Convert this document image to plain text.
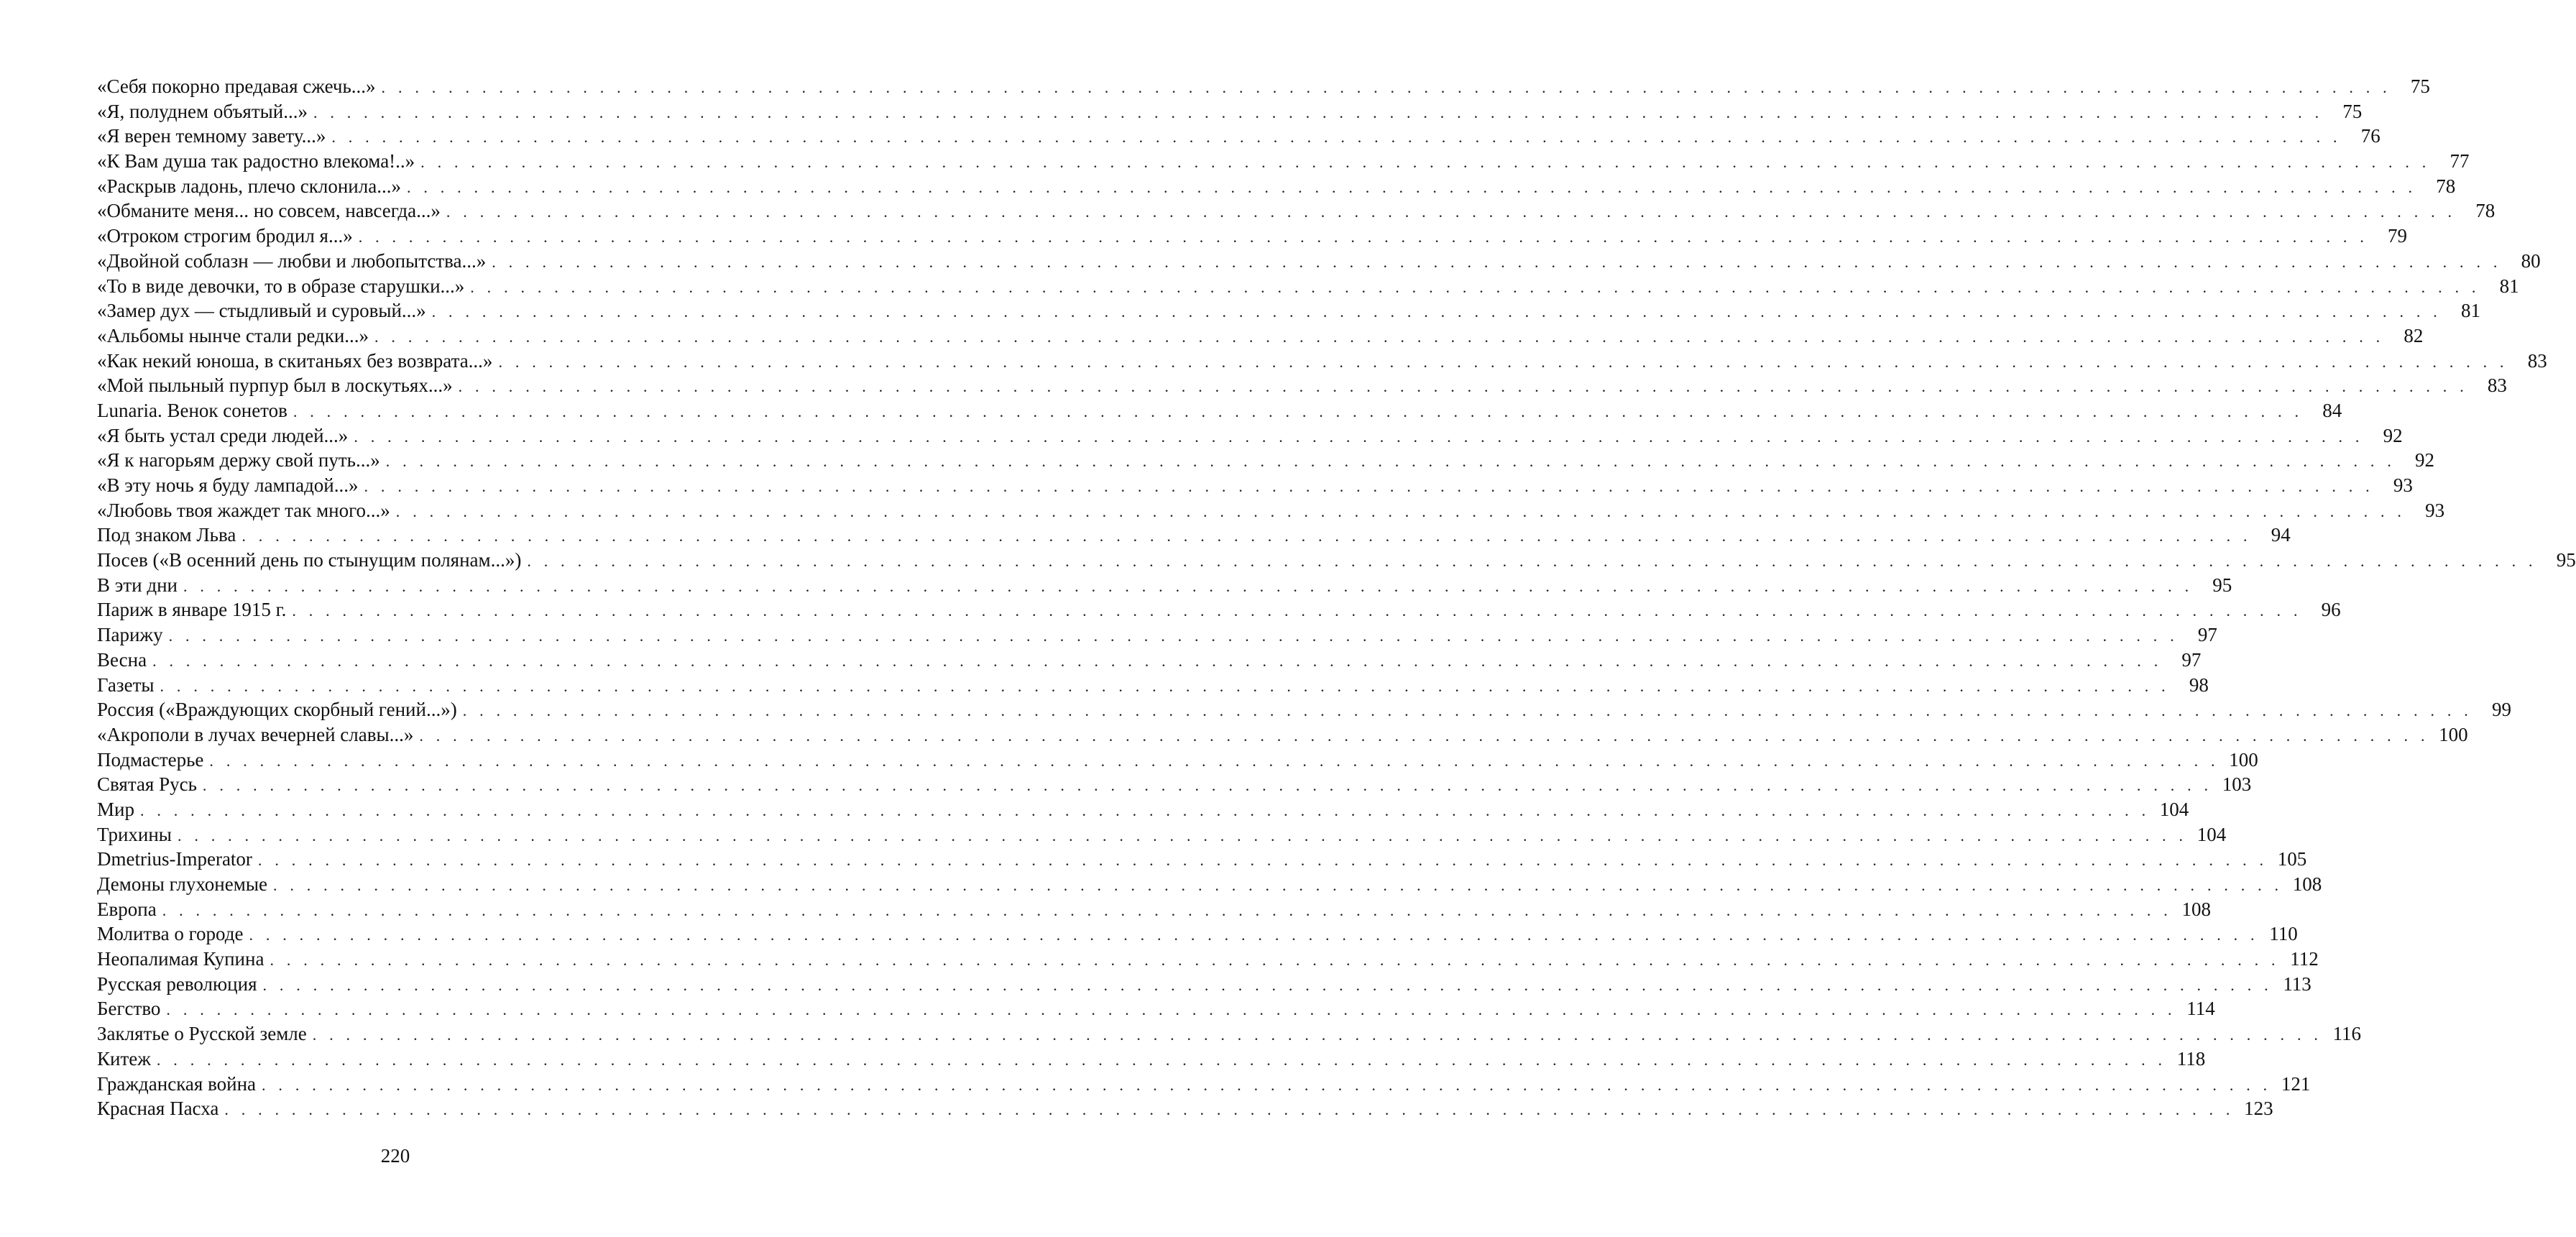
«Себя покорно предавая сжечь...» . . . . . . . . . . . . . . . . . . . . . . . . . . . . . . . . . . . . . . . . . . . . . . . . . . . . . . . . . . . . . . . . . . . . . . . . . . . . . . . . . . . . . . . . . . . . . . . . . . . . . . . . . . . . . . . . . . . . . . . .	75
«Я, полуднем объятый...» . . . . . . . . . . . . . . . . . . . . . . . . . . . . . . . . . . . . . . . . . . . . . . . . . . . . . . . . . . . . . . . . . . . . . . . . . . . . . . . . . . . . . . . . . . . . . . . . . . . . . . . . . . . . . . . . . . . . . . . .	75
«Я верен темному завету...» . . . . . . . . . . . . . . . . . . . . . . . . . . . . . . . . . . . . . . . . . . . . . . . . . . . . . . . . . . . . . . . . . . . . . . . . . . . . . . . . . . . . . . . . . . . . . . . . . . . . . . . . . . . . . . . . . . . . . . . .	76
«К Вам душа так радостно влекома!..» . . . . . . . . . . . . . . . . . . . . . . . . . . . . . . . . . . . . . . . . . . . . . . . . . . . . . . . . . . . . . . . . . . . . . . . . . . . . . . . . . . . . . . . . . . . . . . . . . . . . . . . . . . . . . . . . . . . . . . . .	77
«Раскрыв ладонь, плечо склонила...» . . . . . . . . . . . . . . . . . . . . . . . . . . . . . . . . . . . . . . . . . . . . . . . . . . . . . . . . . . . . . . . . . . . . . . . . . . . . . . . . . . . . . . . . . . . . . . . . . . . . . . . . . . . . . . . . . . . . . . . .	78
«Обманите меня... но совсем, навсегда...» . . . . . . . . . . . . . . . . . . . . . . . . . . . . . . . . . . . . . . . . . . . . . . . . . . . . . . . . . . . . . . . . . . . . . . . . . . . . . . . . . . . . . . . . . . . . . . . . . . . . . . . . . . . . . . . . . . . . . . . .	78
«Отроком строгим бродил я...» . . . . . . . . . . . . . . . . . . . . . . . . . . . . . . . . . . . . . . . . . . . . . . . . . . . . . . . . . . . . . . . . . . . . . . . . . . . . . . . . . . . . . . . . . . . . . . . . . . . . . . . . . . . . . . . . . . . . . . . .	79
«Двойной соблазн — любви и любопытства...» . . . . . . . . . . . . . . . . . . . . . . . . . . . . . . . . . . . . . . . . . . . . . . . . . . . . . . . . . . . . . . . . . . . . . . . . . . . . . . . . . . . . . . . . . . . . . . . . . . . . . . . . . . . . . . . . . . . . . . . .	80
«То в виде девочки, то в образе старушки...» . . . . . . . . . . . . . . . . . . . . . . . . . . . . . . . . . . . . . . . . . . . . . . . . . . . . . . . . . . . . . . . . . . . . . . . . . . . . . . . . . . . . . . . . . . . . . . . . . . . . . . . . . . . . . . . . . . . . . . . .	81
«Замер дух — стыдливый и суровый...» . . . . . . . . . . . . . . . . . . . . . . . . . . . . . . . . . . . . . . . . . . . . . . . . . . . . . . . . . . . . . . . . . . . . . . . . . . . . . . . . . . . . . . . . . . . . . . . . . . . . . . . . . . . . . . . . . . . . . . . .	81
«Альбомы нынче стали редки...» . . . . . . . . . . . . . . . . . . . . . . . . . . . . . . . . . . . . . . . . . . . . . . . . . . . . . . . . . . . . . . . . . . . . . . . . . . . . . . . . . . . . . . . . . . . . . . . . . . . . . . . . . . . . . . . . . . . . . . . .	82
«Как некий юноша, в скитаньях без возврата...» . . . . . . . . . . . . . . . . . . . . . . . . . . . . . . . . . . . . . . . . . . . . . . . . . . . . . . . . . . . . . . . . . . . . . . . . . . . . . . . . . . . . . . . . . . . . . . . . . . . . . . . . . . . . . . . . . . . . . . . .	83
«Мой пыльный пурпур был в лоскутьях...» . . . . . . . . . . . . . . . . . . . . . . . . . . . . . . . . . . . . . . . . . . . . . . . . . . . . . . . . . . . . . . . . . . . . . . . . . . . . . . . . . . . . . . . . . . . . . . . . . . . . . . . . . . . . . . . . . . . . . . . .	83
Lunaria. Венок сонетов . . . . . . . . . . . . . . . . . . . . . . . . . . . . . . . . . . . . . . . . . . . . . . . . . . . . . . . . . . . . . . . . . . . . . . . . . . . . . . . . . . . . . . . . . . . . . . . . . . . . . . . . . . . . . . . . . . . . . . . .	84
«Я быть устал среди людей...» . . . . . . . . . . . . . . . . . . . . . . . . . . . . . . . . . . . . . . . . . . . . . . . . . . . . . . . . . . . . . . . . . . . . . . . . . . . . . . . . . . . . . . . . . . . . . . . . . . . . . . . . . . . . . . . . . . . . . . . .	92
«Я к нагорьям держу свой путь...» . . . . . . . . . . . . . . . . . . . . . . . . . . . . . . . . . . . . . . . . . . . . . . . . . . . . . . . . . . . . . . . . . . . . . . . . . . . . . . . . . . . . . . . . . . . . . . . . . . . . . . . . . . . . . . . . . . . . . . . .	92
«В эту ночь я буду лампадой...» . . . . . . . . . . . . . . . . . . . . . . . . . . . . . . . . . . . . . . . . . . . . . . . . . . . . . . . . . . . . . . . . . . . . . . . . . . . . . . . . . . . . . . . . . . . . . . . . . . . . . . . . . . . . . . . . . . . . . . . .	93
«Любовь твоя жаждет так много...» . . . . . . . . . . . . . . . . . . . . . . . . . . . . . . . . . . . . . . . . . . . . . . . . . . . . . . . . . . . . . . . . . . . . . . . . . . . . . . . . . . . . . . . . . . . . . . . . . . . . . . . . . . . . . . . . . . . . . . . .	93
Под знаком Льва . . . . . . . . . . . . . . . . . . . . . . . . . . . . . . . . . . . . . . . . . . . . . . . . . . . . . . . . . . . . . . . . . . . . . . . . . . . . . . . . . . . . . . . . . . . . . . . . . . . . . . . . . . . . . . . . . . . . . . . .	94
Посев («В осенний день по стынущим полянам...») . . . . . . . . . . . . . . . . . . . . . . . . . . . . . . . . . . . . . . . . . . . . . . . . . . . . . . . . . . . . . . . . . . . . . . . . . . . . . . . . . . . . . . . . . . . . . . . . . . . . . . . . . . . . . . . . . . . . . . . .	95
В эти дни . . . . . . . . . . . . . . . . . . . . . . . . . . . . . . . . . . . . . . . . . . . . . . . . . . . . . . . . . . . . . . . . . . . . . . . . . . . . . . . . . . . . . . . . . . . . . . . . . . . . . . . . . . . . . . . . . . . . . . . .	95
Париж в январе 1915 г. . . . . . . . . . . . . . . . . . . . . . . . . . . . . . . . . . . . . . . . . . . . . . . . . . . . . . . . . . . . . . . . . . . . . . . . . . . . . . . . . . . . . . . . . . . . . . . . . . . . . . . . . . . . . . . . . . . . . . . . .	96
Парижу . . . . . . . . . . . . . . . . . . . . . . . . . . . . . . . . . . . . . . . . . . . . . . . . . . . . . . . . . . . . . . . . . . . . . . . . . . . . . . . . . . . . . . . . . . . . . . . . . . . . . . . . . . . . . . . . . . . . . . . .	97
Весна . . . . . . . . . . . . . . . . . . . . . . . . . . . . . . . . . . . . . . . . . . . . . . . . . . . . . . . . . . . . . . . . . . . . . . . . . . . . . . . . . . . . . . . . . . . . . . . . . . . . . . . . . . . . . . . . . . . . . . . .	97
Газеты . . . . . . . . . . . . . . . . . . . . . . . . . . . . . . . . . . . . . . . . . . . . . . . . . . . . . . . . . . . . . . . . . . . . . . . . . . . . . . . . . . . . . . . . . . . . . . . . . . . . . . . . . . . . . . . . . . . . . . . .	98
Россия («Враждующих скорбный гений...») . . . . . . . . . . . . . . . . . . . . . . . . . . . . . . . . . . . . . . . . . . . . . . . . . . . . . . . . . . . . . . . . . . . . . . . . . . . . . . . . . . . . . . . . . . . . . . . . . . . . . . . . . . . . . . . . . . . . . . . .	99
«Акрополи в лучах вечерней славы...» . . . . . . . . . . . . . . . . . . . . . . . . . . . . . . . . . . . . . . . . . . . . . . . . . . . . . . . . . . . . . . . . . . . . . . . . . . . . . . . . . . . . . . . . . . . . . . . . . . . . . . . . . . . . . . . . . . . . . . . . 100
Подмастерье . . . . . . . . . . . . . . . . . . . . . . . . . . . . . . . . . . . . . . . . . . . . . . . . . . . . . . . . . . . . . . . . . . . . . . . . . . . . . . . . . . . . . . . . . . . . . . . . . . . . . . . . . . . . . . . . . . . . . . . . 100
Святая Русь . . . . . . . . . . . . . . . . . . . . . . . . . . . . . . . . . . . . . . . . . . . . . . . . . . . . . . . . . . . . . . . . . . . . . . . . . . . . . . . . . . . . . . . . . . . . . . . . . . . . . . . . . . . . . . . . . . . . . . . . 103
Мир . . . . . . . . . . . . . . . . . . . . . . . . . . . . . . . . . . . . . . . . . . . . . . . . . . . . . . . . . . . . . . . . . . . . . . . . . . . . . . . . . . . . . . . . . . . . . . . . . . . . . . . . . . . . . . . . . . . . . . . . 104
Трихины . . . . . . . . . . . . . . . . . . . . . . . . . . . . . . . . . . . . . . . . . . . . . . . . . . . . . . . . . . . . . . . . . . . . . . . . . . . . . . . . . . . . . . . . . . . . . . . . . . . . . . . . . . . . . . . . . . . . . . . . 104
Dmetrius-Imperator . . . . . . . . . . . . . . . . . . . . . . . . . . . . . . . . . . . . . . . . . . . . . . . . . . . . . . . . . . . . . . . . . . . . . . . . . . . . . . . . . . . . . . . . . . . . . . . . . . . . . . . . . . . . . . . . . . . . . . . . 105
Демоны глухонемые . . . . . . . . . . . . . . . . . . . . . . . . . . . . . . . . . . . . . . . . . . . . . . . . . . . . . . . . . . . . . . . . . . . . . . . . . . . . . . . . . . . . . . . . . . . . . . . . . . . . . . . . . . . . . . . . . . . . . . . . 108
Европа . . . . . . . . . . . . . . . . . . . . . . . . . . . . . . . . . . . . . . . . . . . . . . . . . . . . . . . . . . . . . . . . . . . . . . . . . . . . . . . . . . . . . . . . . . . . . . . . . . . . . . . . . . . . . . . . . . . . . . . . 108
Молитва о городе . . . . . . . . . . . . . . . . . . . . . . . . . . . . . . . . . . . . . . . . . . . . . . . . . . . . . . . . . . . . . . . . . . . . . . . . . . . . . . . . . . . . . . . . . . . . . . . . . . . . . . . . . . . . . . . . . . . . . . . . 110
Неопалимая Купина . . . . . . . . . . . . . . . . . . . . . . . . . . . . . . . . . . . . . . . . . . . . . . . . . . . . . . . . . . . . . . . . . . . . . . . . . . . . . . . . . . . . . . . . . . . . . . . . . . . . . . . . . . . . . . . . . . . . . . . . 112
Русская революция . . . . . . . . . . . . . . . . . . . . . . . . . . . . . . . . . . . . . . . . . . . . . . . . . . . . . . . . . . . . . . . . . . . . . . . . . . . . . . . . . . . . . . . . . . . . . . . . . . . . . . . . . . . . . . . . . . . . . . . . 113
Бегство . . . . . . . . . . . . . . . . . . . . . . . . . . . . . . . . . . . . . . . . . . . . . . . . . . . . . . . . . . . . . . . . . . . . . . . . . . . . . . . . . . . . . . . . . . . . . . . . . . . . . . . . . . . . . . . . . . . . . . . . 114
Заклятье о Русской земле . . . . . . . . . . . . . . . . . . . . . . . . . . . . . . . . . . . . . . . . . . . . . . . . . . . . . . . . . . . . . . . . . . . . . . . . . . . . . . . . . . . . . . . . . . . . . . . . . . . . . . . . . . . . . . . . . . . . . . . . 116
Китеж . . . . . . . . . . . . . . . . . . . . . . . . . . . . . . . . . . . . . . . . . . . . . . . . . . . . . . . . . . . . . . . . . . . . . . . . . . . . . . . . . . . . . . . . . . . . . . . . . . . . . . . . . . . . . . . . . . . . . . . . 118
Гражданская война . . . . . . . . . . . . . . . . . . . . . . . . . . . . . . . . . . . . . . . . . . . . . . . . . . . . . . . . . . . . . . . . . . . . . . . . . . . . . . . . . . . . . . . . . . . . . . . . . . . . . . . . . . . . . . . . . . . . . . . . 121
Красная Пасха . . . . . . . . . . . . . . . . . . . . . . . . . . . . . . . . . . . . . . . . . . . . . . . . . . . . . . . . . . . . . . . . . . . . . . . . . . . . . . . . . . . . . . . . . . . . . . . . . . . . . . . . . . . . . . . . . . . . . . . . 123
220
